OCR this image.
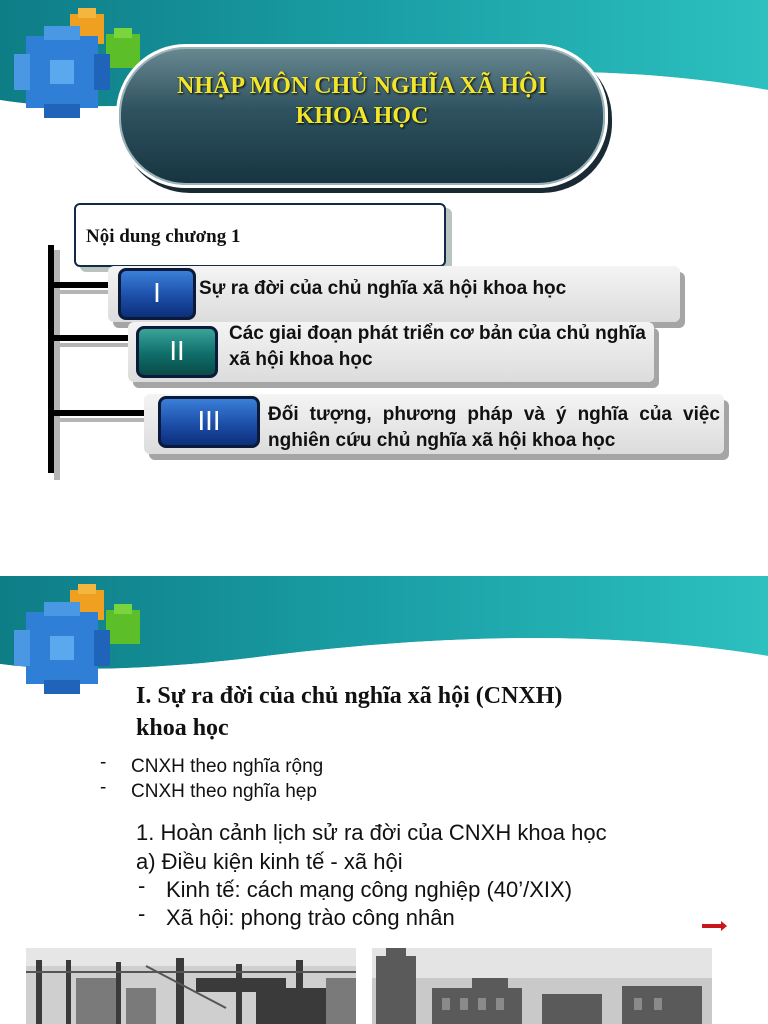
NHẬP MÔN CHỦ NGHĨA XÃ HỘI KHOA HỌC
Nội dung chương 1
I	Sự ra đời của chủ nghĩa xã hội khoa học
II
Các giai đoạn phát triển cơ bản của chủ nghĩa xã hội khoa học
III	Đối tượng, phương pháp và ý nghĩa của việc nghiên cứu chủ nghĩa xã hội khoa học
I. Sự ra đời của chủ nghĩa xã hội (CNXH) khoa học
- CNXH theo nghĩa rộng
- CNXH theo nghĩa hẹp
1. Hoàn cảnh lịch sử ra đời của CNXH khoa học
a) Điều kiện kinh tế - xã hội
- Kinh tế: cách mạng công nghiệp (40’/XIX)
- Xã hội: phong trào công nhân
